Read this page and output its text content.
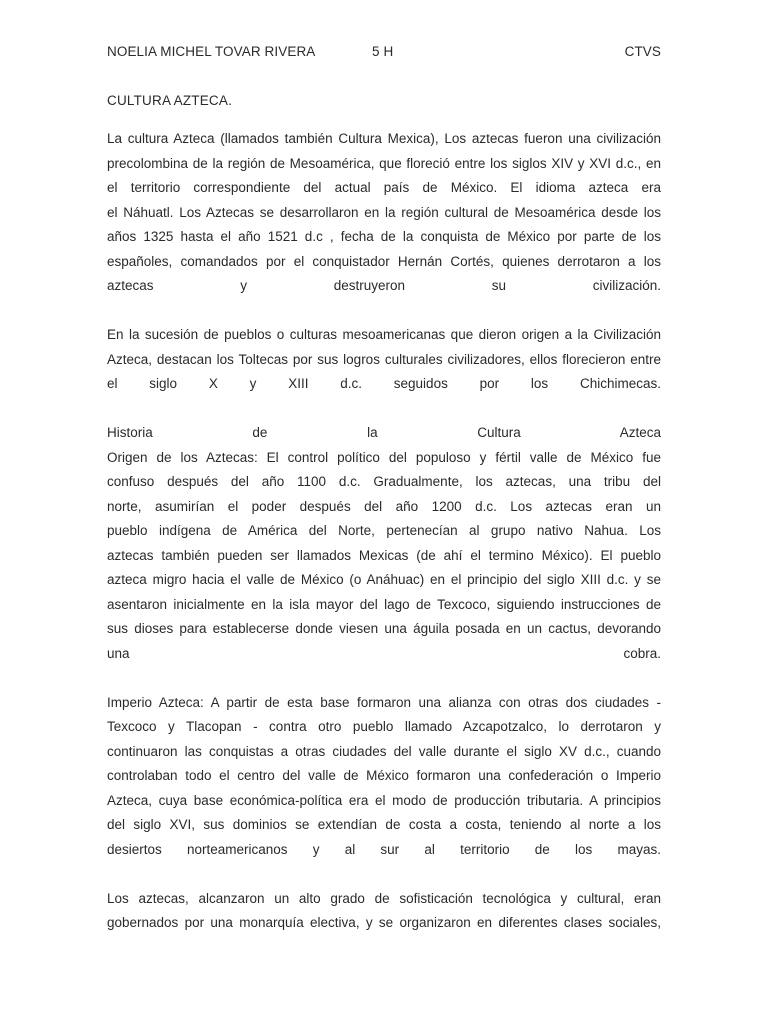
NOELIA MICHEL TOVAR RIVERA	5 H	CTVS
CULTURA AZTECA.
La cultura Azteca (llamados también Cultura Mexica), Los aztecas fueron una civilización
precolombina de la región de Mesoamérica, que floreció entre los siglos XIV y XVI d.c., en
el territorio correspondiente del actual país de México. El idioma azteca era
el Náhuatl. Los Aztecas se desarrollaron en la región cultural de Mesoamérica desde los
años 1325 hasta el año 1521 d.c , fecha de la conquista de México por parte de los
españoles, comandados por el conquistador Hernán Cortés, quienes derrotaron a los
aztecas y destruyeron su civilización.
En la sucesión de pueblos o culturas mesoamericanas que dieron origen a la Civilización
Azteca, destacan los Toltecas por sus logros culturales civilizadores, ellos florecieron entre
el siglo X y XIII d.c. seguidos por los Chichimecas.
Historia de la Cultura Azteca
Origen de los Aztecas: El control político del populoso y fértil valle de México fue
confuso después del año 1100 d.c. Gradualmente, los aztecas, una tribu del
norte, asumirían el poder después del año 1200 d.c. Los aztecas eran un
pueblo indígena de América del Norte, pertenecían al grupo nativo Nahua. Los
aztecas también pueden ser llamados Mexicas (de ahí el termino México). El pueblo
azteca migro hacia el valle de México (o Anáhuac) en el principio del siglo XIII d.c. y se
asentaron inicialmente en la isla mayor del lago de Texcoco, siguiendo instrucciones de
sus dioses para establecerse donde viesen una águila posada en un cactus, devorando
una cobra.
Imperio Azteca: A partir de esta base formaron una alianza con otras dos ciudades -
Texcoco y Tlacopan - contra otro pueblo llamado Azcapotzalco, lo derrotaron y
continuaron las conquistas a otras ciudades del valle durante el siglo XV d.c., cuando
controlaban todo el centro del valle de México formaron una confederación o Imperio
Azteca, cuya base económica-política era el modo de producción tributaria. A principios
del siglo XVI, sus dominios se extendían de costa a costa, teniendo al norte a los
desiertos norteamericanos y al sur al territorio de los mayas.
Los aztecas, alcanzaron un alto grado de sofisticación tecnológica y cultural, eran
gobernados por una monarquía electiva, y se organizaron en diferentes clases sociales,
